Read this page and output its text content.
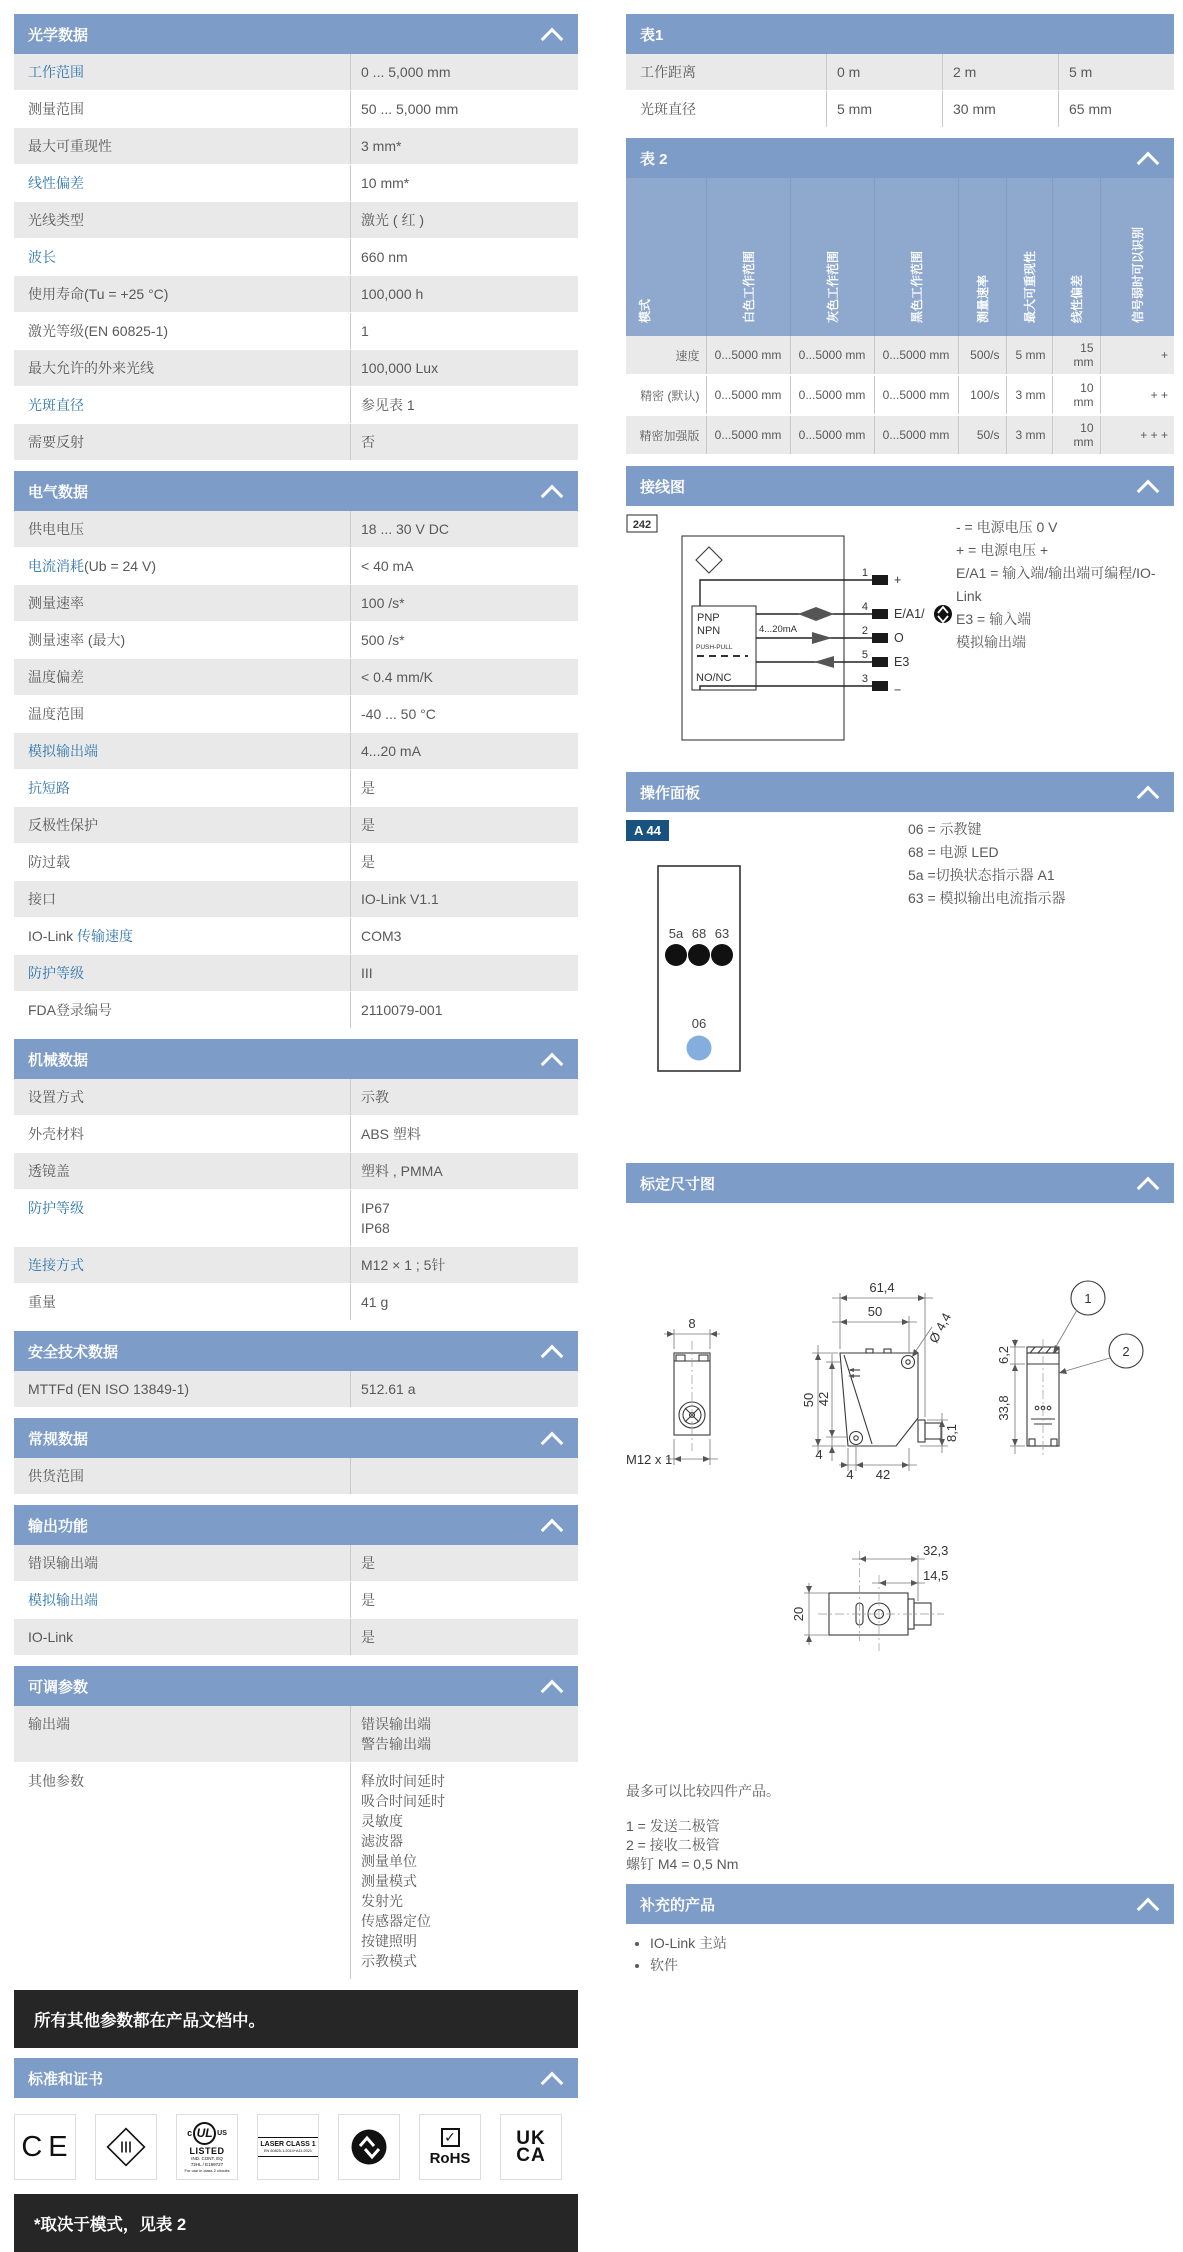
光学数据
工作范围	0 ... 5,000 mm
测量范围	50 ... 5,000 mm
最大可重现性	3 mm*
线性偏差	10 mm*
光线类型	激光 ( 红 )
波长	660 nm
使用寿命(Tu = +25 °C)	100,000 h
激光等级(EN 60825-1)	1
最大允许的外来光线	100,000 Lux
光斑直径	参见表 1
需要反射	否
电气数据
供电电压	18 ... 30 V DC
电流消耗(Ub = 24 V)	< 40 mA
测量速率	100 /s*
测量速率 (最大)	500 /s*
温度偏差	< 0.4 mm/K
温度范围	-40 ... 50 °C
模拟输出端	4...20 mA
抗短路	是
反极性保护	是
防过载	是
接口	IO-Link V1.1
IO-Link 传输速度	COM3
防护等级	III
FDA登录编号	2110079-001
机械数据
设置方式	示教
外壳材料	ABS 塑料
透镜盖	塑料 , PMMA
防护等级	IP67
IP68
连接方式	M12 × 1 ; 5针
重量	41 g
安全技术数据
MTTFd (EN ISO 13849-1)	512.61 a
常规数据
供货范围
输出功能
错误输出端	是
模拟输出端	是
IO-Link	是
可调参数
输出端	错误输出端
警告输出端
其他参数	释放时间延时
吸合时间延时
灵敏度
滤波器
测量单位
测量模式
发射光
传感器定位
按键照明
示教模式
所有其他参数都在产品文档中。
标准和证书
CE	c UL US
LISTED
IND. CONT. EQ
72HL / E199727
For use in class 2 circuits
LASER CLASS 1
EN 60825-1:2014+A11:2021
✓
RoHS
UK
CA
*取决于模式，见表 2
表1
工作距离	0 m	2 m	5 m
光斑直径	5 mm	30 mm	65 mm
表 2
模式	白色工作范围	灰色工作范围	黑色工作范围	测量速率	最大可重现性	线性偏差	信号弱时可以识别
速度	0...5000 mm	0...5000 mm	0...5000 mm	500/s	5 mm	15 mm	+
精密 (默认)	0...5000 mm	0...5000 mm	0...5000 mm	100/s	3 mm	10 mm	+ +
精密加强版	0...5000 mm	0...5000 mm	0...5000 mm	50/s	3 mm	10 mm	+ + +
接线图
242
PNP
NPN
PUSH-PULL
NO/NC
4...20mA
1
4
2
5
3
+
E/A1/
O
E3
−
- = 电源电压 0 V
+ = 电源电压 +
E/A1 = 输入端/输出端可编程/IO-Link
E3 = 输入端
模拟输出端
操作面板
A 44	06 = 示教键
68 = 电源 LED
5a =切换状态指示器 A1
63 = 模拟输出电流指示器
5a 68 63
06
标定尺寸图
8
M12 x 1
61,4
50	Ø 4,4
50 42
4
4 42
8,1
6,2
33,8
1
2
32,3
14,5
20
最多可以比较四件产品。
1 = 发送二极管
2 = 接收二极管
螺钉 M4 = 0,5 Nm
补充的产品
• IO-Link 主站
• 软件
